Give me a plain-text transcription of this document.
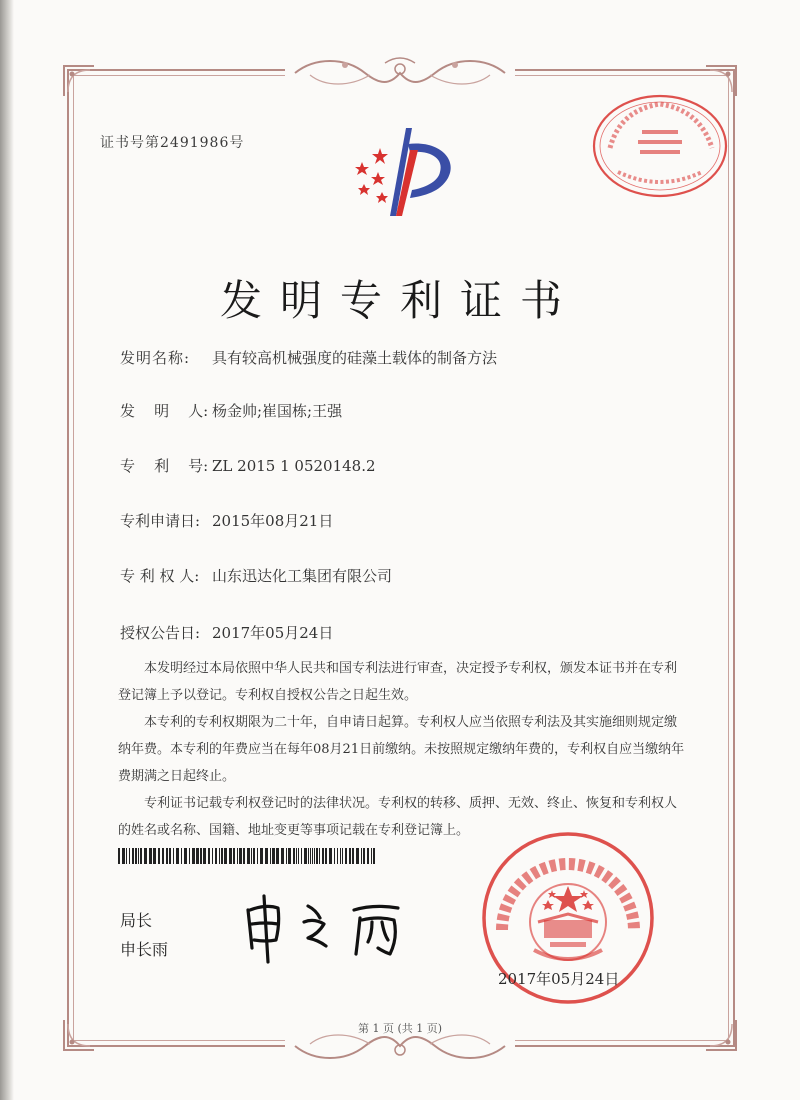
证书号第2491986号
发明专利证书
发明名称: 具有较高机械强度的硅藻土载体的制备方法
发    明    人: 杨金帅;崔国栋;王强
专    利    号: ZL 2015 1 0520148.2
专利申请日: 2015年08月21日
专 利 权 人: 山东迅达化工集团有限公司
授权公告日: 2017年05月24日

本发明经过本局依照中华人民共和国专利法进行审查，决定授予专利权，颁发本证书并在专利登记簿上予以登记。专利权自授权公告之日起生效。

本专利的专利权期限为二十年，自申请日起算。专利权人应当依照专利法及其实施细则规定缴纳年费。本专利的年费应当在每年08月21日前缴纳。未按照规定缴纳年费的，专利权自应当缴纳年费期满之日起终止。

专利证书记载专利权登记时的法律状况。专利权的转移、质押、无效、终止、恢复和专利权人的姓名或名称、国籍、地址变更等事项记载在专利登记簿上。

局长
申长雨
2017年05月24日
第 1 页 (共 1 页)
